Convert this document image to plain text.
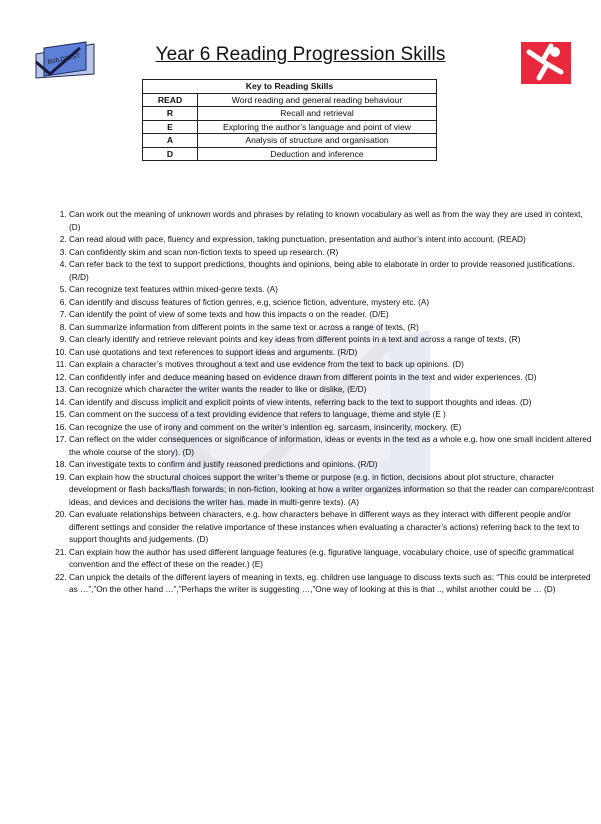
BUILDTEST	Year 6 Reading Progression Skills
Key to Reading Skills	
READ	Word reading and general reading behaviour
R	Recall and retrieval
E	Exploring the author’s language and point of view
A	Analysis of structure and organisation
D	Deduction and inference
1. Can work out the meaning of unknown words and phrases by relating to known vocabulary as well as from the way they are used in context, (D)
2. Can read aloud with pace, fluency and expression, taking punctuation, presentation and author’s intent into account. (READ)
3. Can confidently skim and scan non-fiction texts to speed up research. (R)
4. Can refer back to the text to support predictions, thoughts and opinions, being able to elaborate in order to provide reasoned justifications. (R/D)
5. Can recognize text features within mixed-genre texts. (A)
6. Can identify and discuss features of fiction genres, e.g, science fiction, adventure, mystery etc. (A)
7. Can identify the point of view of some texts and how this impacts o on the reader. (D/E)
8. Can summarize information from different points in the same text or across a range of texts, (R)
9. Can clearly identify and retrieve relevant points and key ideas from different points in a text and across a range of texts, (R)
10. Can use quotations and text references to support ideas and arguments. (R/D)
11. Can explain a character’s motives throughout a text and use evidence from the text to back up opinions. (D)
12. Can confidently infer and deduce meaning based on evidence drawn from different points in the text and wider experiences. (D)
13. Can recognize which character the writer wants the reader to like or dislike, (E/D)
14. Can identify and discuss implicit and explicit points of view intents, referring back to the text to support thoughts and ideas. (D)
15. Can comment on the success of a text providing evidence that refers to language, theme and style (E )
16. Can recognize the use of irony and comment on the writer’s intention eg. sarcasm, insincerity, mockery. (E)
17. Can reflect on the wider consequences or significance of information, ideas or events in the text as a whole e.g. how one small incident altered the whole course of the story). (D)
18. Can investigate texts to confirm and justify reasoned predictions and opinions. (R/D)
19. Can explain how the structural choices support the writer’s theme or purpose (e.g. in fiction, decisions about plot structure, character development or flash backs/flash forwards; in non-fiction, looking at how a writer organizes information so that the reader can compare/contrast ideas, and devices and decisions the writer has. made in multi-genre texts). (A)
20. Can evaluate relationships between characters, e.g. how characters behave in different ways as they interact with different people and/or different settings and consider the relative importance of these instances when evaluating a character’s actions) referring back to the text to support thoughts and judgements. (D)
21. Can explain how the author has used different language features (e.g. figurative language, vocabulary choice, use of specific grammatical convention and the effect of these on the reader.) (E)
22. Can unpick the details of the different layers of meaning in texts, eg. children use language to discuss texts such as: “This could be interpreted as …”,”On the other hand …”,”Perhaps the writer is suggesting …,”One way of looking at this is that .., whilst another could be … (D)
